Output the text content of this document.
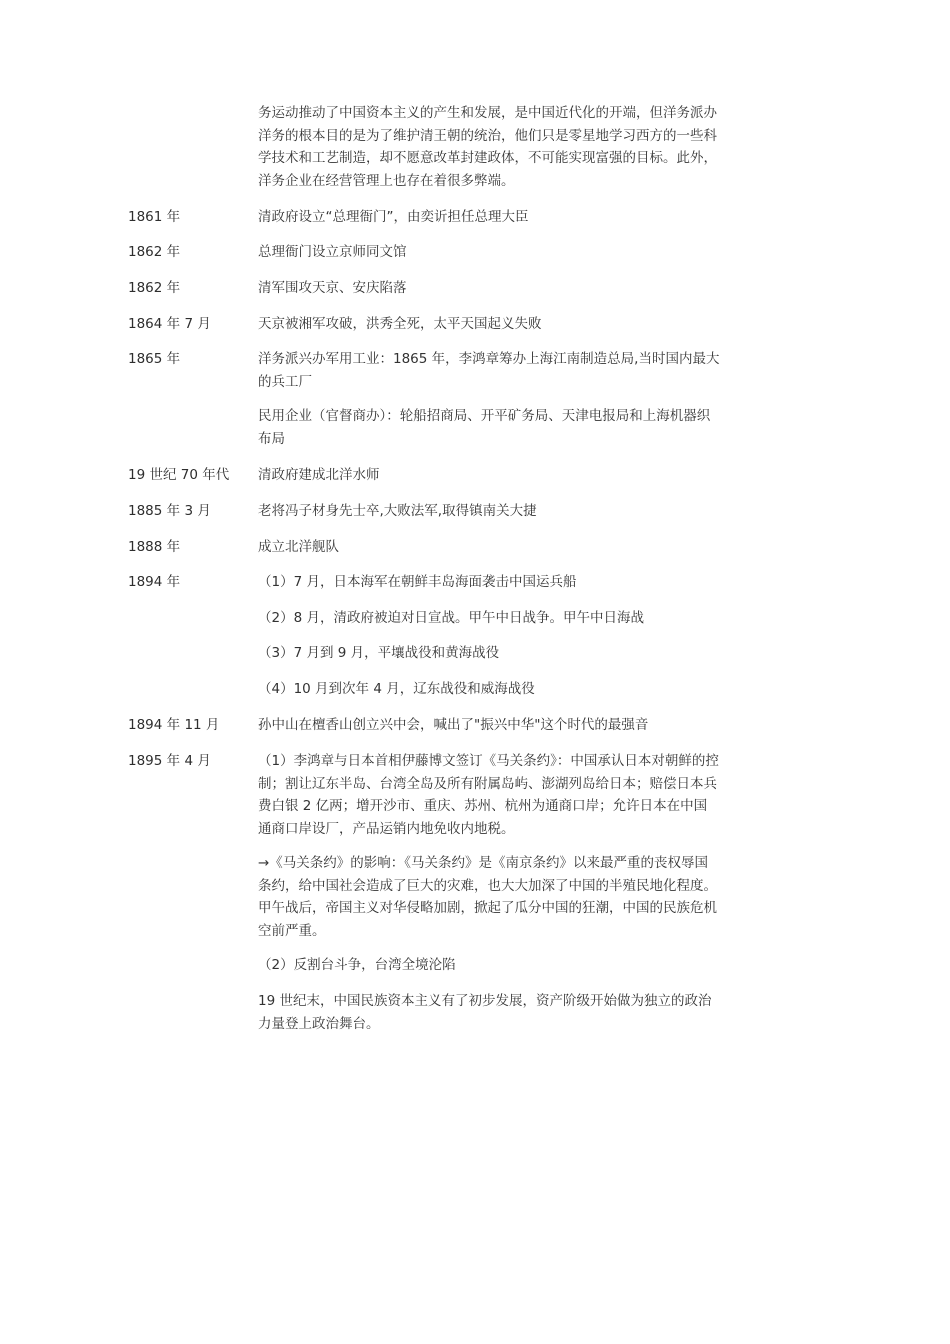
务运动推动了中国资本主义的产生和发展，是中国近代化的开端，但洋务派办洋务的根本目的是为了维护清王朝的统治，他们只是零星地学习西方的一些科学技术和工艺制造，却不愿意改革封建政体，不可能实现富强的目标。此外，洋务企业在经营管理上也存在着很多弊端。

1861 年	清政府设立“总理衙门”，由奕䜣担任总理大臣
1862 年	总理衙门设立京师同文馆
1862 年	清军围攻天京、安庆陷落
1864 年 7 月	天京被湘军攻破，洪秀全死，太平天国起义失败
1865 年	洋务派兴办军用工业：1865 年，李鸿章筹办上海江南制造总局,当时国内最大的兵工厂
民用企业（官督商办）：轮船招商局、开平矿务局、天津电报局和上海机器织布局
19 世纪 70 年代 清政府建成北洋水师
1885 年 3 月	老将冯子材身先士卒,大败法军,取得镇南关大捷
1888 年	成立北洋舰队
1894 年	（1）7 月，日本海军在朝鲜丰岛海面袭击中国运兵船
（2）8 月，清政府被迫对日宣战。甲午中日战争。甲午中日海战
（3）7 月到 9 月，平壤战役和黄海战役
（4）10 月到次年 4 月，辽东战役和威海战役
1894 年 11 月	孙中山在檀香山创立兴中会，喊出了"振兴中华"这个时代的最强音
1895 年 4 月	（1）李鸿章与日本首相伊藤博文签订《马关条约》：中国承认日本对朝鲜的控制；割让辽东半岛、台湾全岛及所有附属岛屿、澎湖列岛给日本；赔偿日本兵费白银 2 亿两；增开沙市、重庆、苏州、杭州为通商口岸；允许日本在中国通商口岸设厂，产品运销内地免收内地税。
→《马关条约》的影响：《马关条约》是《南京条约》以来最严重的丧权辱国条约，给中国社会造成了巨大的灾难，也大大加深了中国的半殖民地化程度。甲午战后，帝国主义对华侵略加剧，掀起了瓜分中国的狂潮，中国的民族危机空前严重。
（2）反割台斗争，台湾全境沦陷
19 世纪末，中国民族资本主义有了初步发展，资产阶级开始做为独立的政治力量登上政治舞台。
